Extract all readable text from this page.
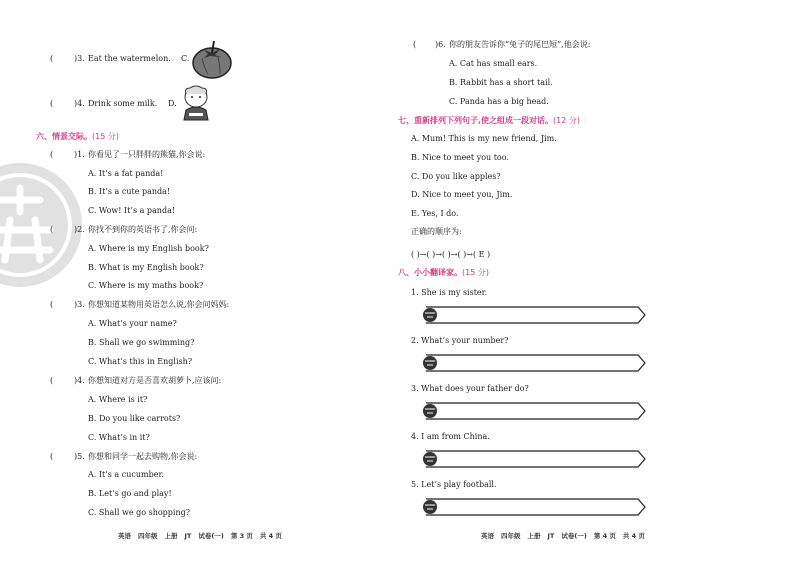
(	)3. Eat the watermelon. C.
(	)4. Drink some milk. D.
六、情景交际。(15 分)
(	)1. 你看见了一只胖胖的熊猫,你会说:
A. It’s a fat panda!
B. It’s a cute panda!
C. Wow! It’s a panda!
(	)2. 你找不到你的英语书了,你会问:
A. Where is my English book?
B. What is my English book?
C. Where is my maths book?
(	)3. 你想知道某物用英语怎么说,你会问妈妈:
A. What’s your name?
B. Shall we go swimming?
C. What’s this in English?
(	)4. 你想知道对方是否喜欢胡萝卜,应该问:
A. Where is it?
B. Do you like carrots?
C. What’s in it?
(	)5. 你想和同学一起去购物,你会说:
A. It’s a cucumber.
B. Let’s go and play!
C. Shall we go shopping?
英语 四年级 上册 JT 试卷(一) 第 3 页 共 4 页
( )6. 你的朋友告诉你“兔子的尾巴短”,他会说:
A. Cat has small ears.
B. Rabbit has a short tail.
C. Panda has a big head.
七、重新排列下列句子,使之组成一段对话。(12 分)
A. Mum! This is my new friend, Jim.
B. Nice to meet you too.
C. Do you like apples?
D. Nice to meet you, Jim.
E. Yes, I do.
正确的顺序为:
( )→( )→( )→( )→( E )
八、小小翻译家。(15 分)
1. She is my sister.
2. What’s your number?
3. What does your father do?
4. I am from China.
5. Let’s play football.
英语 四年级 上册 JT 试卷(一) 第 4 页 共 4 页
